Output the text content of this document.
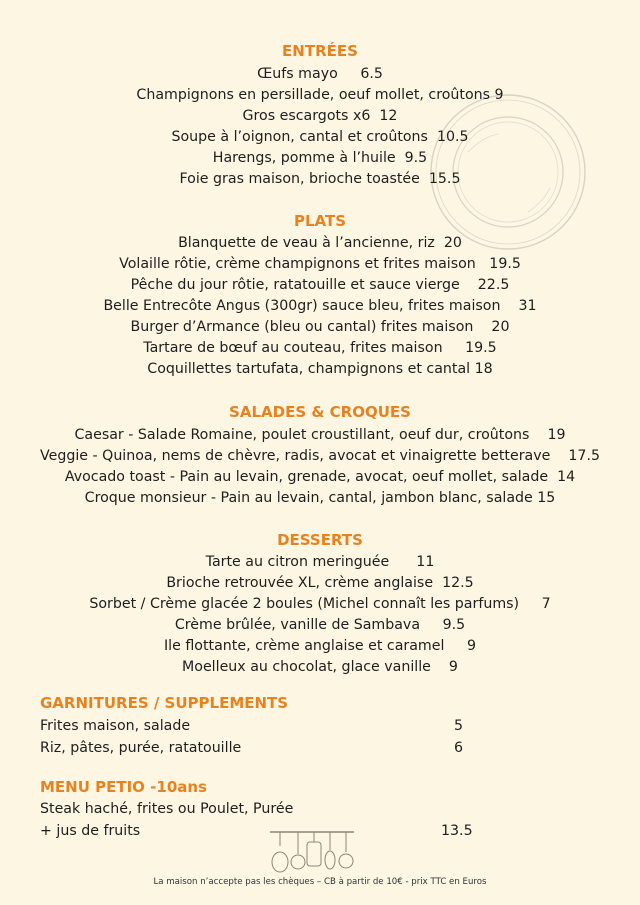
ENTRÉES
Œufs mayo     6.5
Champignons en persillade, oeuf mollet, croûtons 9
Gros escargots x6  12
Soupe à l’oignon, cantal et croûtons  10.5
Harengs, pomme à l’huile  9.5
Foie gras maison, brioche toastée  15.5
PLATS
Blanquette de veau à l’ancienne, riz  20
Volaille rôtie, crème champignons et frites maison   19.5
Pêche du jour rôtie, ratatouille et sauce vierge    22.5
Belle Entrecôte Angus (300gr) sauce bleu, frites maison    31
Burger d’Armance (bleu ou cantal) frites maison    20
Tartare de bœuf au couteau, frites maison     19.5
Coquillettes tartufata, champignons et cantal 18
SALADES & CROQUES
Caesar - Salade Romaine, poulet croustillant, oeuf dur, croûtons    19
Veggie - Quinoa, nems de chèvre, radis, avocat et vinaigrette betterave    17.5
Avocado toast - Pain au levain, grenade, avocat, oeuf mollet, salade  14
Croque monsieur - Pain au levain, cantal, jambon blanc, salade 15
DESSERTS
Tarte au citron meringuée      11
Brioche retrouvée XL, crème anglaise  12.5
Sorbet / Crème glacée 2 boules (Michel connaît les parfums)     7
Crème brûlée, vanille de Sambava     9.5
Ile flottante, crème anglaise et caramel     9
Moelleux au chocolat, glace vanille    9
GARNITURES / SUPPLEMENTS
Frites maison, salade	5
Riz, pâtes, purée, ratatouille	6
MENU PETIO -10ans
Steak haché, frites ou Poulet, Purée
+ jus de fruits	13.5
La maison n’accepte pas les chèques – CB à partir de 10€ - prix TTC en Euros
